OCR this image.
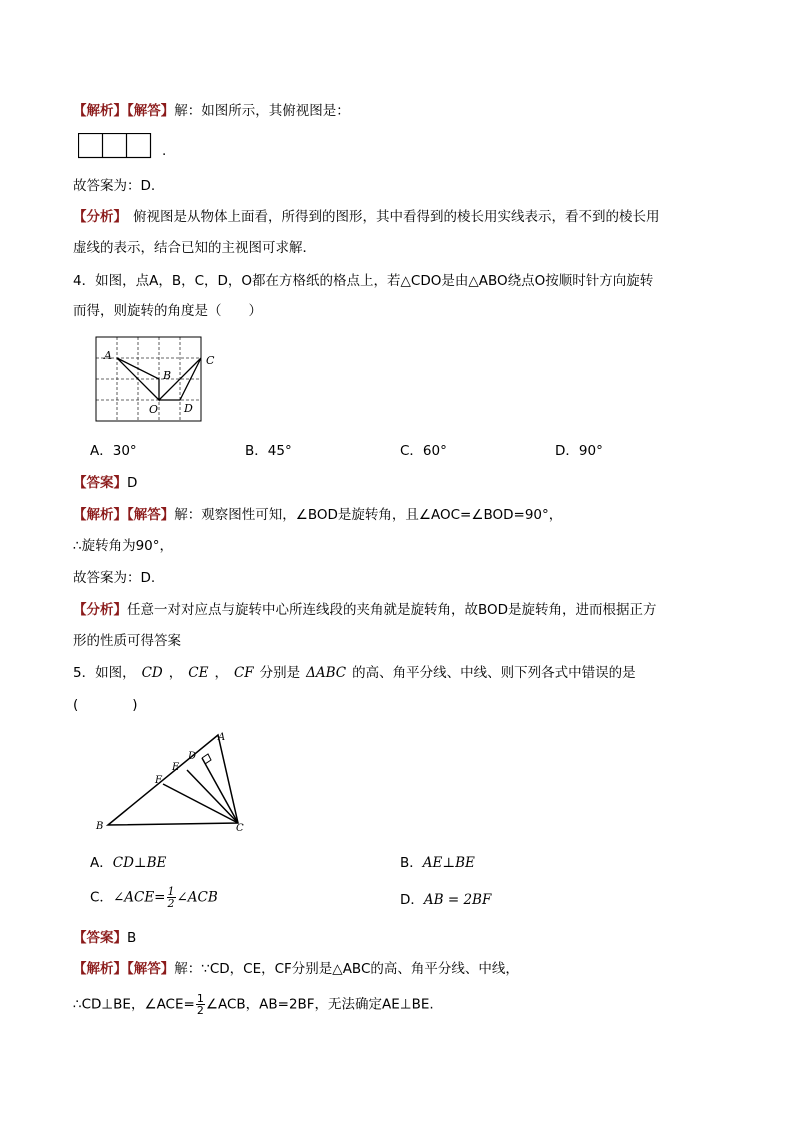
【解析】【解答】解：如图所示，其俯视图是：
.
故答案为：D.
【分析】 俯视图是从物体上面看，所得到的图形，其中看得到的棱长用实线表示，看不到的棱长用
虚线的表示，结合已知的主视图可求解．
4．如图，点A，B，C，D，O都在方格纸的格点上，若△CDO是由△ABO绕点O按顺时针方向旋转
而得，则旋转的角度是（　　）
A
B
C
O D
A．30°	B．45°	C．60°	D．90°
【答案】D
【解析】【解答】解：观察图性可知，∠BOD是旋转角，且∠AOC=∠BOD=90°，
∴旋转角为90°，
故答案为：D.
【分析】任意一对对应点与旋转中心所连线段的夹角就是旋转角，故BOD是旋转角，进而根据正方
形的性质可得答案
5．如图， CD ， CE ， CF 分别是 ΔABC 的高、角平分线、中线、则下列各式中错误的是
(　　　　)
A
D
E
F
B	C
A．CD⊥BE	B．AE⊥BE
C．∠ACE= $\frac{1}{2}$ ∠ACB	D．AB = 2BF
【答案】B
【解析】【解答】解：∵CD，CE，CF分别是△ABC的高、角平分线、中线，
∴CD⊥BE，∠ACE= $\frac{1}{2}$ ∠ACB，AB=2BF，无法确定AE⊥BE.
